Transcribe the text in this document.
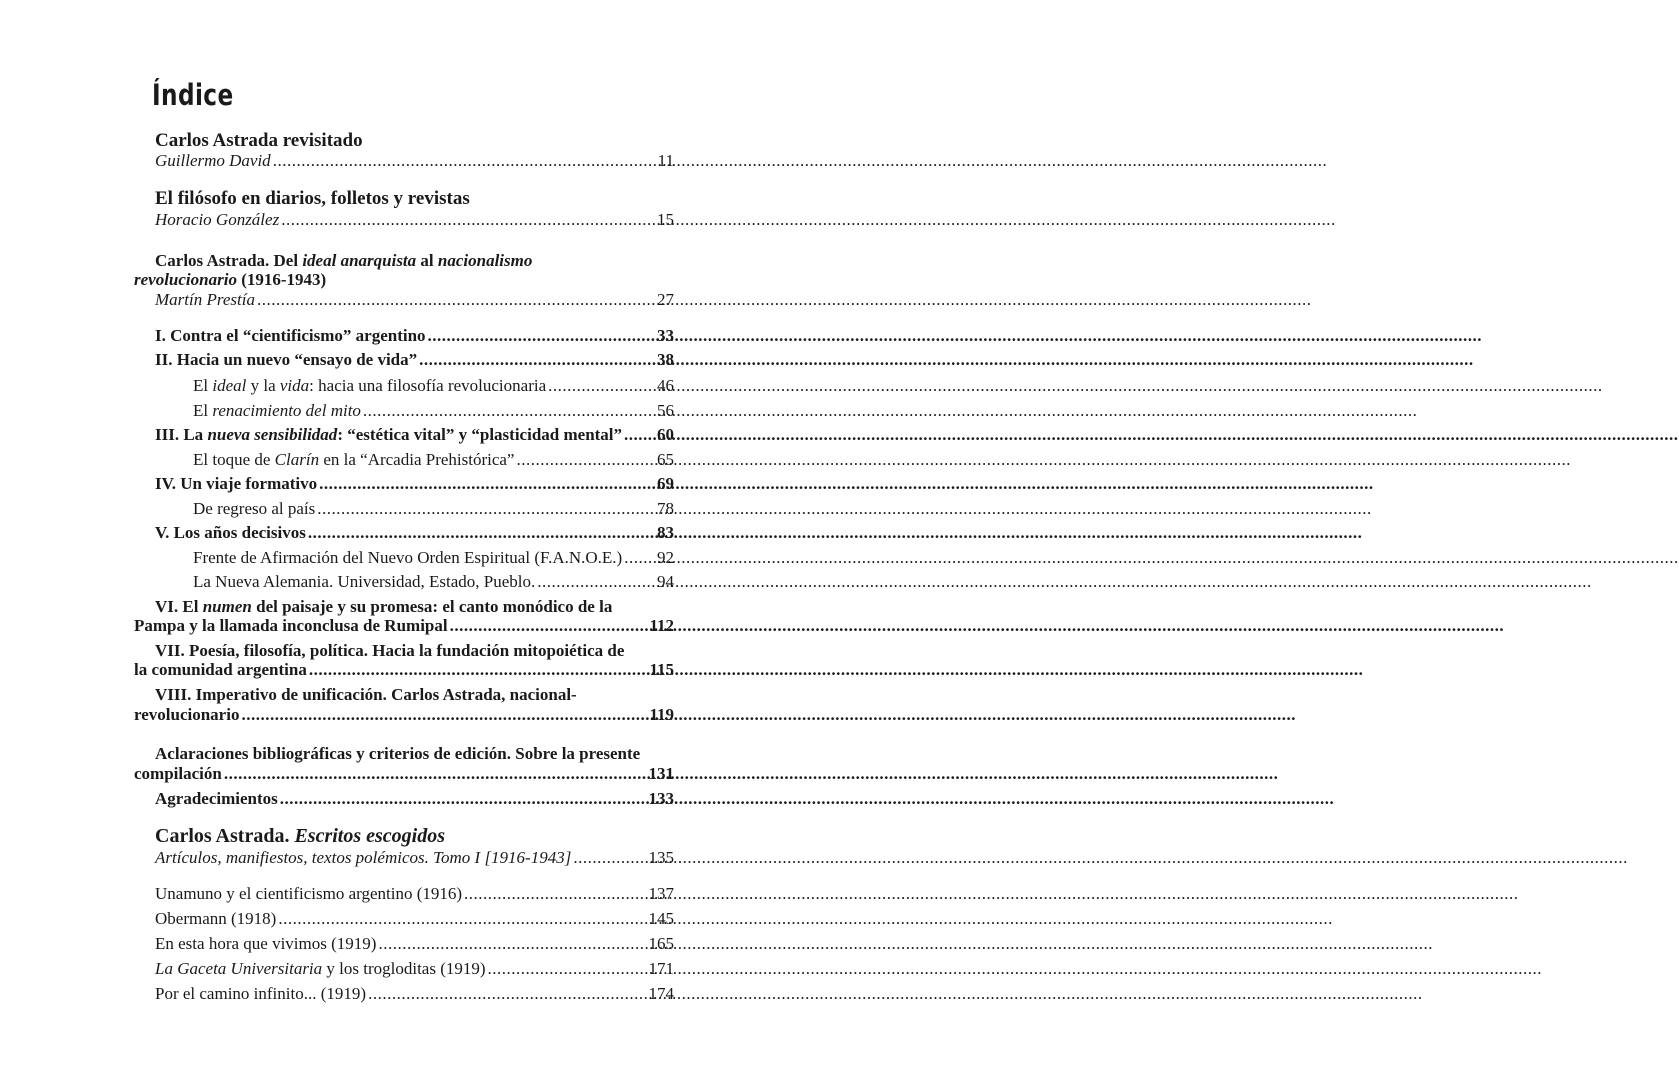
Índice
Carlos Astrada revisitado
Guillermo David .....	11
El filósofo en diarios, folletos y revistas
Horacio González .....	15
Carlos Astrada. Del ideal anarquista al nacionalismo
revolucionario (1916-1943)
Martín Prestía .....	27
I. Contra el “cientificismo” argentino .....	33
II. Hacia un nuevo “ensayo de vida” .....	38
El ideal y la vida: hacia una filosofía revolucionaria .....	46
El renacimiento del mito .....	56
III. La nueva sensibilidad: “estética vital” y “plasticidad mental” ..... 60
El toque de Clarín en la “Arcadia Prehistórica” .....	65
IV. Un viaje formativo .....	69
De regreso al país .....	78
V. Los años decisivos .....	83
Frente de Afirmación del Nuevo Orden Espiritual (F.A.N.O.E.) ..... 92
La Nueva Alemania. Universidad, Estado, Pueblo. .....	94
VI. El numen del paisaje y su promesa: el canto monódico de la
Pampa y la llamada inconclusa de Rumipal .....	112
VII. Poesía, filosofía, política. Hacia la fundación mitopoiética de
la comunidad argentina .....	115
VIII. Imperativo de unificación. Carlos Astrada, nacional-
revolucionario .....	119
Aclaraciones bibliográficas y criterios de edición. Sobre la presente
compilación .....	131
Agradecimientos .....	133
Carlos Astrada. Escritos escogidos
Artículos, manifiestos, textos polémicos. Tomo I [1916-1943] .....	135
Unamuno y el cientificismo argentino (1916) .....	137
Obermann (1918) .....	145
En esta hora que vivimos (1919) .....	165
La Gaceta Universitaria y los trogloditas (1919) .....	171
Por el camino infinito... (1919) .....	174
